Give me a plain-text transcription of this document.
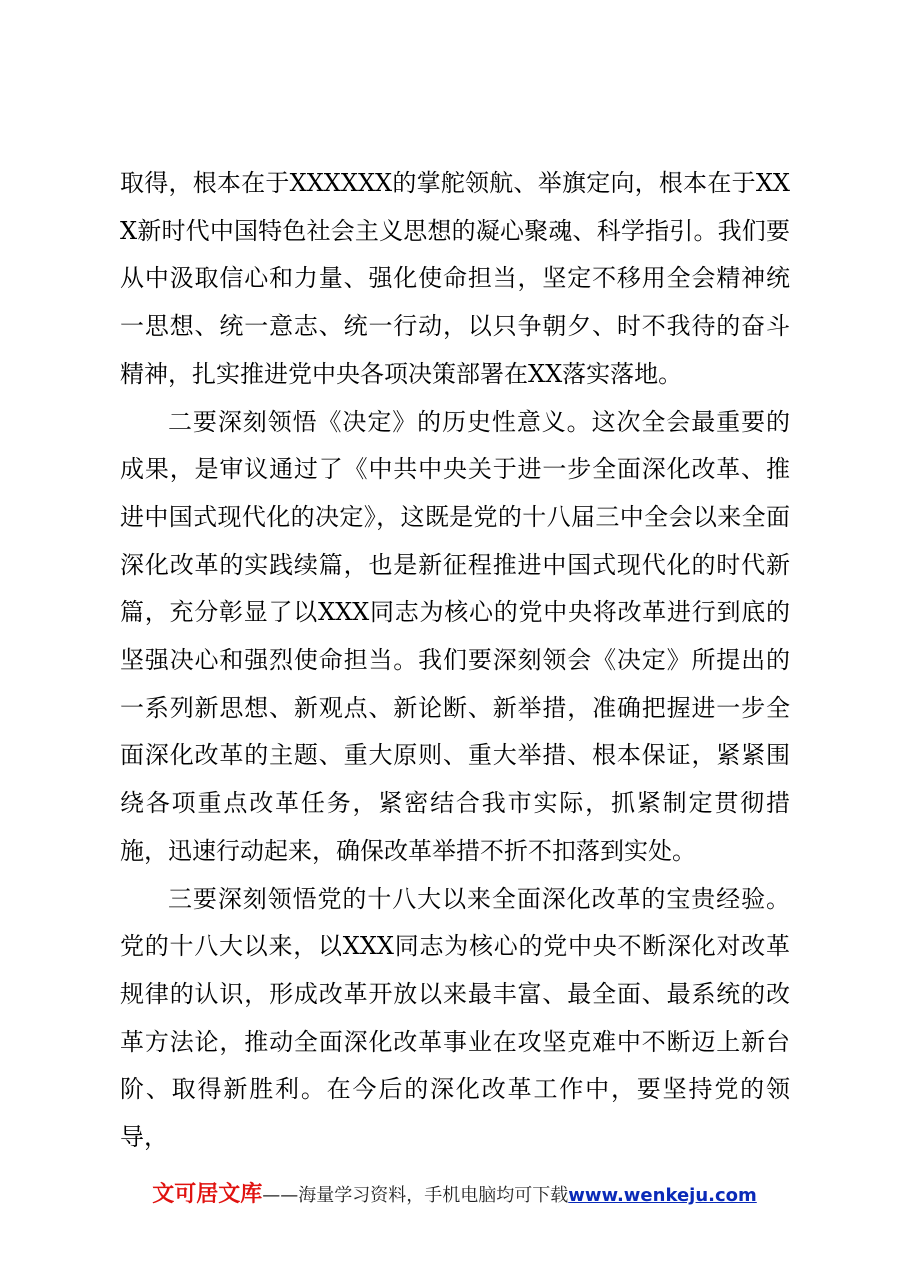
取得，根本在于XXXXXX的掌舵领航、举旗定向，根本在于XXX新时代中国特色社会主义思想的凝心聚魂、科学指引。我们要从中汲取信心和力量、强化使命担当，坚定不移用全会精神统一思想、统一意志、统一行动，以只争朝夕、时不我待的奋斗精神，扎实推进党中央各项决策部署在XX落实落地。

二要深刻领悟《决定》的历史性意义。这次全会最重要的成果，是审议通过了《中共中央关于进一步全面深化改革、推进中国式现代化的决定》，这既是党的十八届三中全会以来全面深化改革的实践续篇，也是新征程推进中国式现代化的时代新篇，充分彰显了以XXX同志为核心的党中央将改革进行到底的坚强决心和强烈使命担当。我们要深刻领会《决定》所提出的一系列新思想、新观点、新论断、新举措，准确把握进一步全面深化改革的主题、重大原则、重大举措、根本保证，紧紧围绕各项重点改革任务，紧密结合我市实际，抓紧制定贯彻措施，迅速行动起来，确保改革举措不折不扣落到实处。

三要深刻领悟党的十八大以来全面深化改革的宝贵经验。党的十八大以来，以XXX同志为核心的党中央不断深化对改革规律的认识，形成改革开放以来最丰富、最全面、最系统的改革方法论，推动全面深化改革事业在攻坚克难中不断迈上新台阶、取得新胜利。在今后的深化改革工作中，要坚持党的领导，

文可居文库——海量学习资料，手机电脑均可下载www.wenkeju.com
